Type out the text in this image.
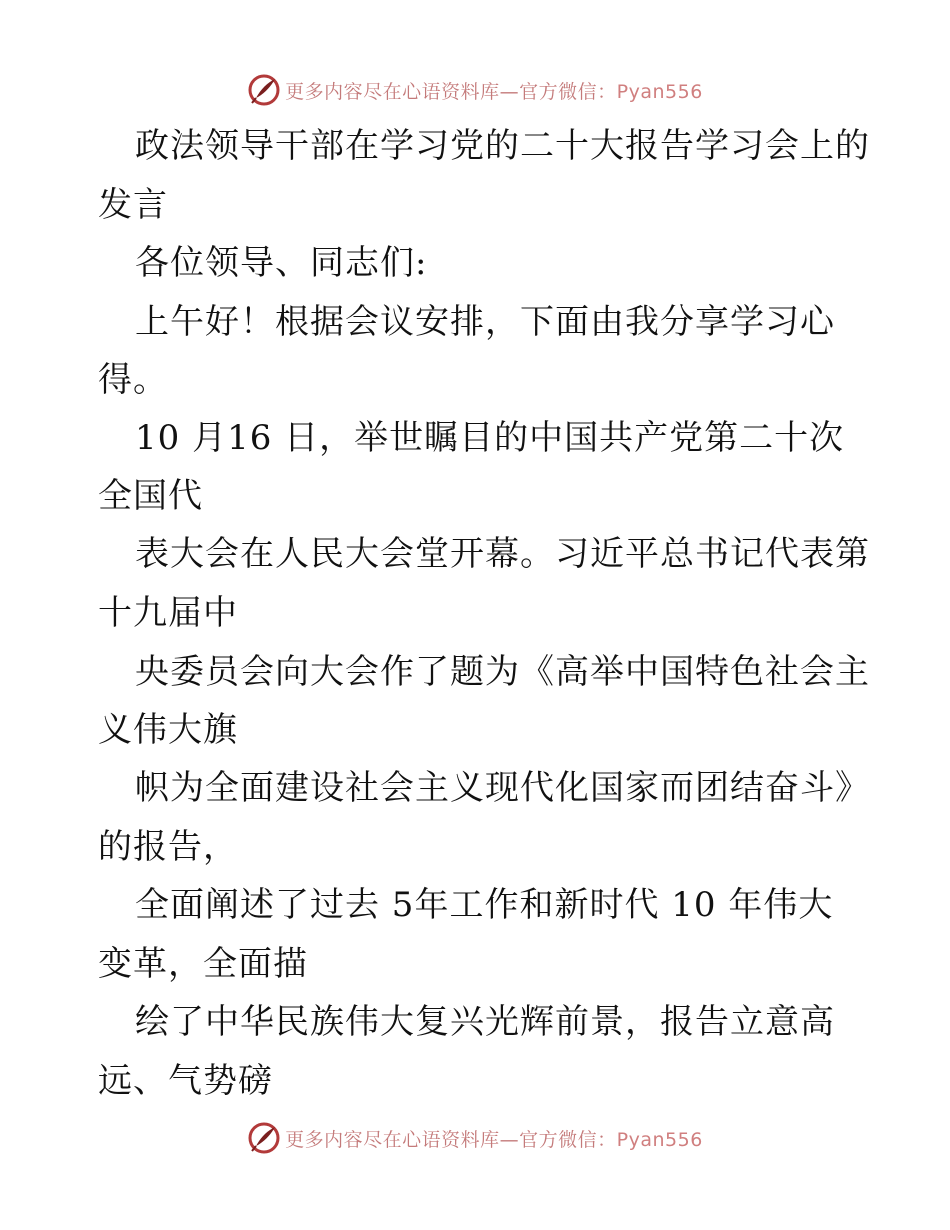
更多内容尽在心语资料库—官方微信：Pyan556

政法领导干部在学习党的二十大报告学习会上的

发言

各位领导、同志们:

上午好！根据会议安排，下面由我分享学习心

得。

10 月16 日，举世瞩目的中国共产党第二十次

全国代

表大会在人民大会堂开幕。习近平总书记代表第

十九届中

央委员会向大会作了题为《高举中国特色社会主

义伟大旗

帜为全面建设社会主义现代化国家而团结奋斗》

的报告，

全面阐述了过去 5年工作和新时代 10 年伟大

变革，全面描

绘了中华民族伟大复兴光辉前景，报告立意高

远、气势磅

更多内容尽在心语资料库—官方微信：Pyan556
